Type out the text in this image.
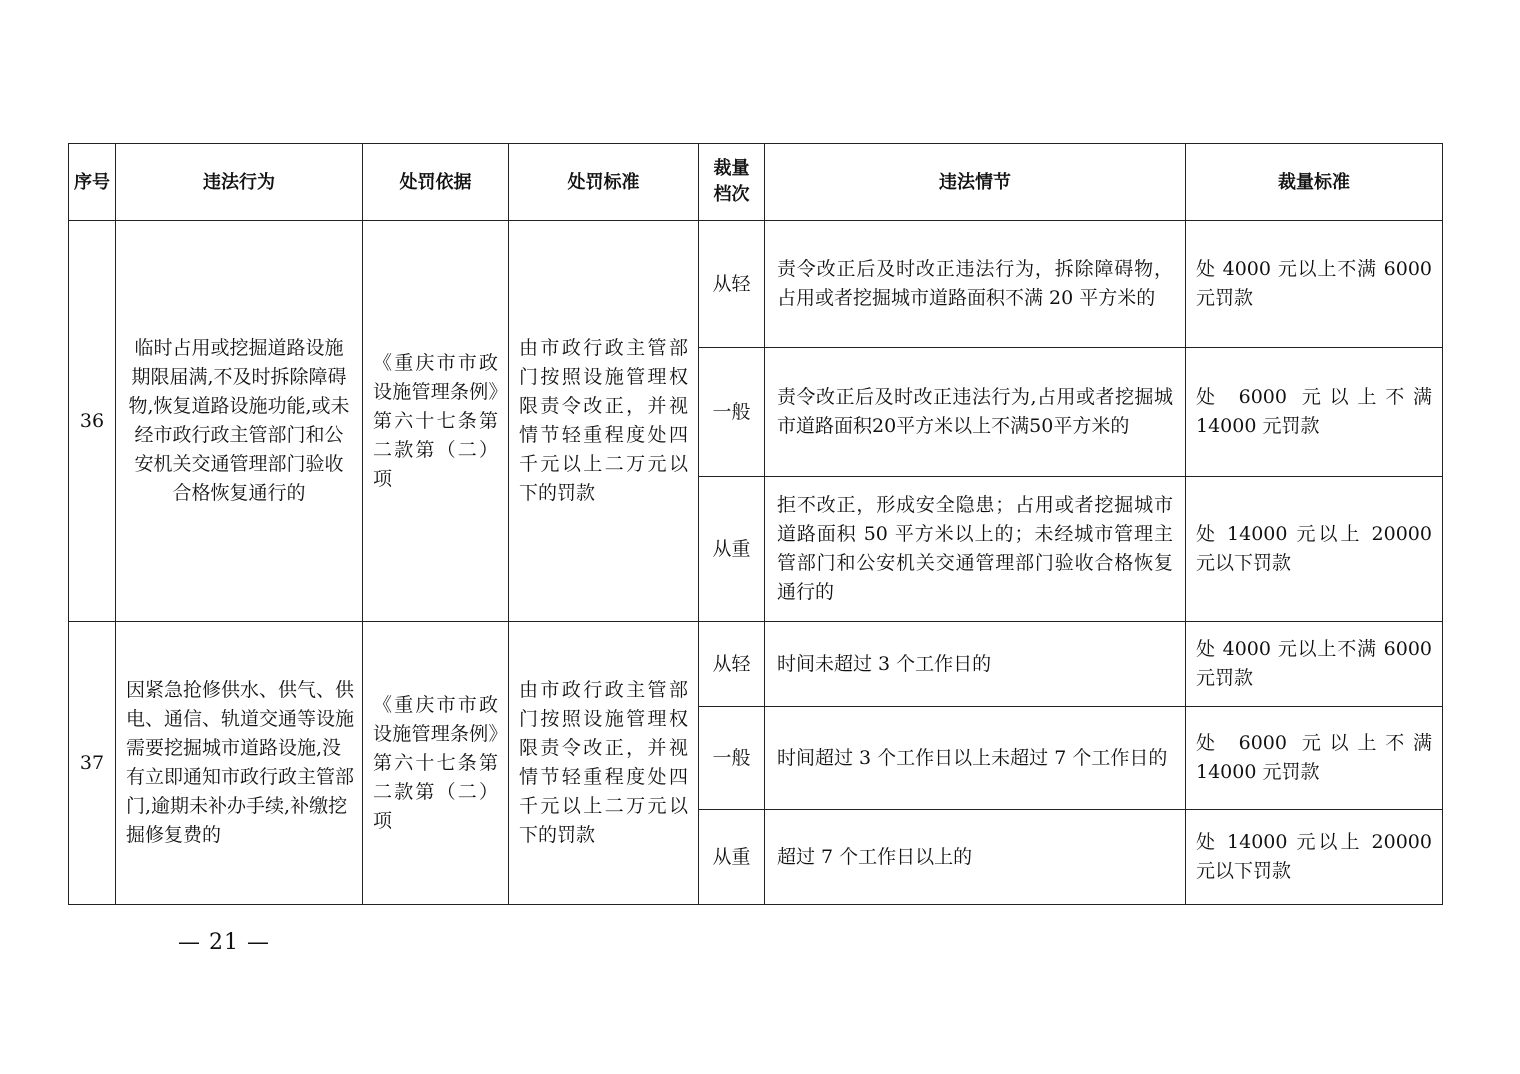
序号	违法行为	处罚依据	处罚标准	裁量档次	违法情节	裁量标准
36	临时占用或挖掘道路设施期限届满,不及时拆除障碍物,恢复道路设施功能,或未经市政行政主管部门和公安机关交通管理部门验收合格恢复通行的	《重庆市市政设施管理条例》第六十七条第二款第（二）项	由市政行政主管部门按照设施管理权限责令改正，并视情节轻重程度处四千元以上二万元以下的罚款	从轻	责令改正后及时改正违法行为，拆除障碍物，占用或者挖掘城市道路面积不满 20 平方米的	处 4000 元以上不满 6000 元罚款
				一般	责令改正后及时改正违法行为,占用或者挖掘城市道路面积20平方米以上不满50平方米的	处 6000 元以上不满 14000 元罚款
				从重	拒不改正，形成安全隐患；占用或者挖掘城市道路面积 50 平方米以上的；未经城市管理主管部门和公安机关交通管理部门验收合格恢复通行的	处 14000 元以上 20000 元以下罚款
37	因紧急抢修供水、供气、供电、通信、轨道交通等设施需要挖掘城市道路设施,没有立即通知市政行政主管部门,逾期未补办手续,补缴挖掘修复费的	《重庆市市政设施管理条例》第六十七条第二款第（二）项	由市政行政主管部门按照设施管理权限责令改正，并视情节轻重程度处四千元以上二万元以下的罚款	从轻	时间未超过 3 个工作日的	处 4000 元以上不满 6000 元罚款
				一般	时间超过 3 个工作日以上未超过 7 个工作日的	处 6000 元以上不满 14000 元罚款
				从重	超过 7 个工作日以上的	处 14000 元以上 20000 元以下罚款
— 21 —
